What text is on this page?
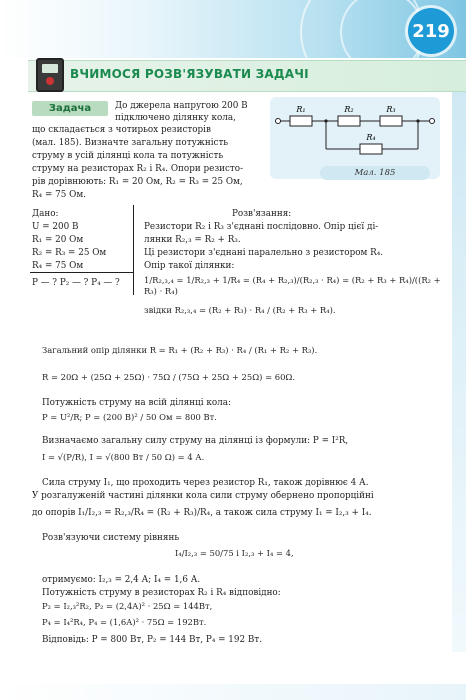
219
ВЧИМОСЯ РОЗВ'ЯЗУВАТИ ЗАДАЧІ
Задача	До джерела напругою 200 В
підключено ділянку кола,
що складається з чотирьох резисторів
(мал. 185). Визначте загальну потужність
струму в усій ділянці кола та потужність
струму на резисторах R₂ і R₄. Опори резисто-
рів дорівнюють: R₁ = 20 Ом, R₂ = R₃ = 25 Ом,
R₄ = 75 Ом.
R₁	R₂	R₃
R₄
Мал. 185
Дано:
U = 200 В
R₁ = 20 Ом
R₂ = R₃ = 25 Ом
R₄ = 75 Ом
P — ? P₂ — ? P₄ — ?
Розв'язання:
Резистори R₂ і R₃ з'єднані послідовно. Опір цієї ді-
лянки R₂,₃ = R₂ + R₃.
Ці резистори з'єднані паралельно з резистором R₄.
Опір такої ділянки:
1/R₂,₃,₄ = 1/R₂,₃ + 1/R₄ = (R₄ + R₂,₃)/(R₂,₃ · R₄) = (R₂ + R₃ + R₄)/((R₂ + R₃) · R₄)
звідки R₂,₃,₄ = (R₂ + R₃) · R₄ / (R₂ + R₃ + R₄).
Загальний опір ділянки R = R₁ + (R₂ + R₃) · R₄ / (R₁ + R₂ + R₃).
R = 20Ω + (25Ω + 25Ω) · 75Ω / (75Ω + 25Ω + 25Ω) = 60Ω.
Потужність струму на всій ділянці кола:
P = U²/R; P = (200 В)² / 50 Ом = 800 Вт.
Визначаємо загальну силу струму на ділянці із формули: P = I²R,
I = √(P/R), I = √(800 Вт / 50 Ω) = 4 А.
Сила струму I₁, що проходить через резистор R₁, також дорівнює 4 А.
У розгалуженій частині ділянки кола сили струму обернено пропорційні
до опорів I₁/I₂,₃ = R₂,₃/R₄ = (R₂ + R₃)/R₄, а також сила струму I₁ = I₂,₃ + I₄.
Розв'язуючи систему рівнянь
I₄/I₂,₃ = 50/75 і I₂,₃ + I₄ = 4,
отримуємо: I₂,₃ = 2,4 А; I₄ = 1,6 А.
Потужність струму в резисторах R₂ і R₄ відповідно:
P₂ = I₂,₃²R₂, P₂ = (2,4A)² · 25Ω = 144Вт,
P₄ = I₄²R₄, P₄ = (1,6A)² · 75Ω = 192Вт.
Відповідь: P = 800 Вт, P₂ = 144 Вт, P₄ = 192 Вт.
